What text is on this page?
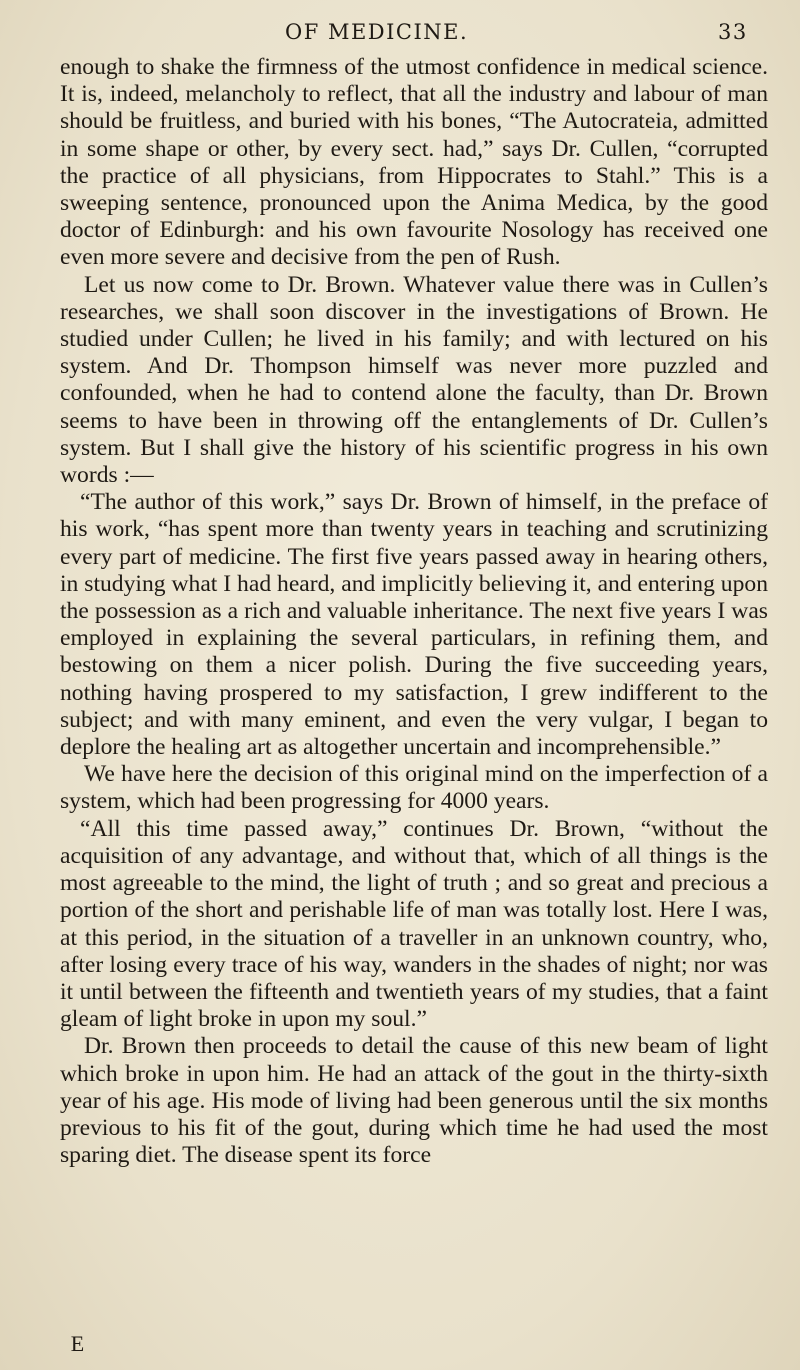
OF MEDICINE.	33

enough to shake the firmness of the utmost confidence in medical science. It is, indeed, melancholy to reflect, that all the industry and labour of man should be fruitless, and buried with his bones, “The Autocrateia, admitted in some shape or other, by every sect. had,” says Dr. Cullen, “corrupted the practice of all physicians, from Hippocrates to Stahl.” This is a sweeping sentence, pronounced upon the Anima Medica, by the good doctor of Edinburgh: and his own favourite Nosology has received one even more severe and decisive from the pen of Rush.

Let us now come to Dr. Brown. Whatever value there was in Cullen’s researches, we shall soon discover in the investigations of Brown. He studied under Cullen; he lived in his family; and with lectured on his system. And Dr. Thompson himself was never more puzzled and confounded, when he had to contend alone the faculty, than Dr. Brown seems to have been in throwing off the entanglements of Dr. Cullen’s system. But I shall give the history of his scientific progress in his own words :—

“The author of this work,” says Dr. Brown of himself, in the preface of his work, “has spent more than twenty years in teaching and scrutinizing every part of medicine. The first five years passed away in hearing others, in studying what I had heard, and implicitly believing it, and entering upon the possession as a rich and valuable inheritance. The next five years I was employed in explaining the several particulars, in refining them, and bestowing on them a nicer polish. During the five succeeding years, nothing having prospered to my satisfaction, I grew indifferent to the subject; and with many eminent, and even the very vulgar, I began to deplore the healing art as altogether uncertain and incomprehensible.”

We have here the decision of this original mind on the imperfection of a system, which had been progressing for 4000 years.

“All this time passed away,” continues Dr. Brown, “without the acquisition of any advantage, and without that, which of all things is the most agreeable to the mind, the light of truth ; and so great and precious a portion of the short and perishable life of man was totally lost. Here I was, at this period, in the situation of a traveller in an unknown country, who, after losing every trace of his way, wanders in the shades of night; nor was it until between the fifteenth and twentieth years of my studies, that a faint gleam of light broke in upon my soul.”

Dr. Brown then proceeds to detail the cause of this new beam of light which broke in upon him. He had an attack of the gout in the thirty-sixth year of his age. His mode of living had been generous until the six months previous to his fit of the gout, during which time he had used the most sparing diet. The disease spent its force

E
